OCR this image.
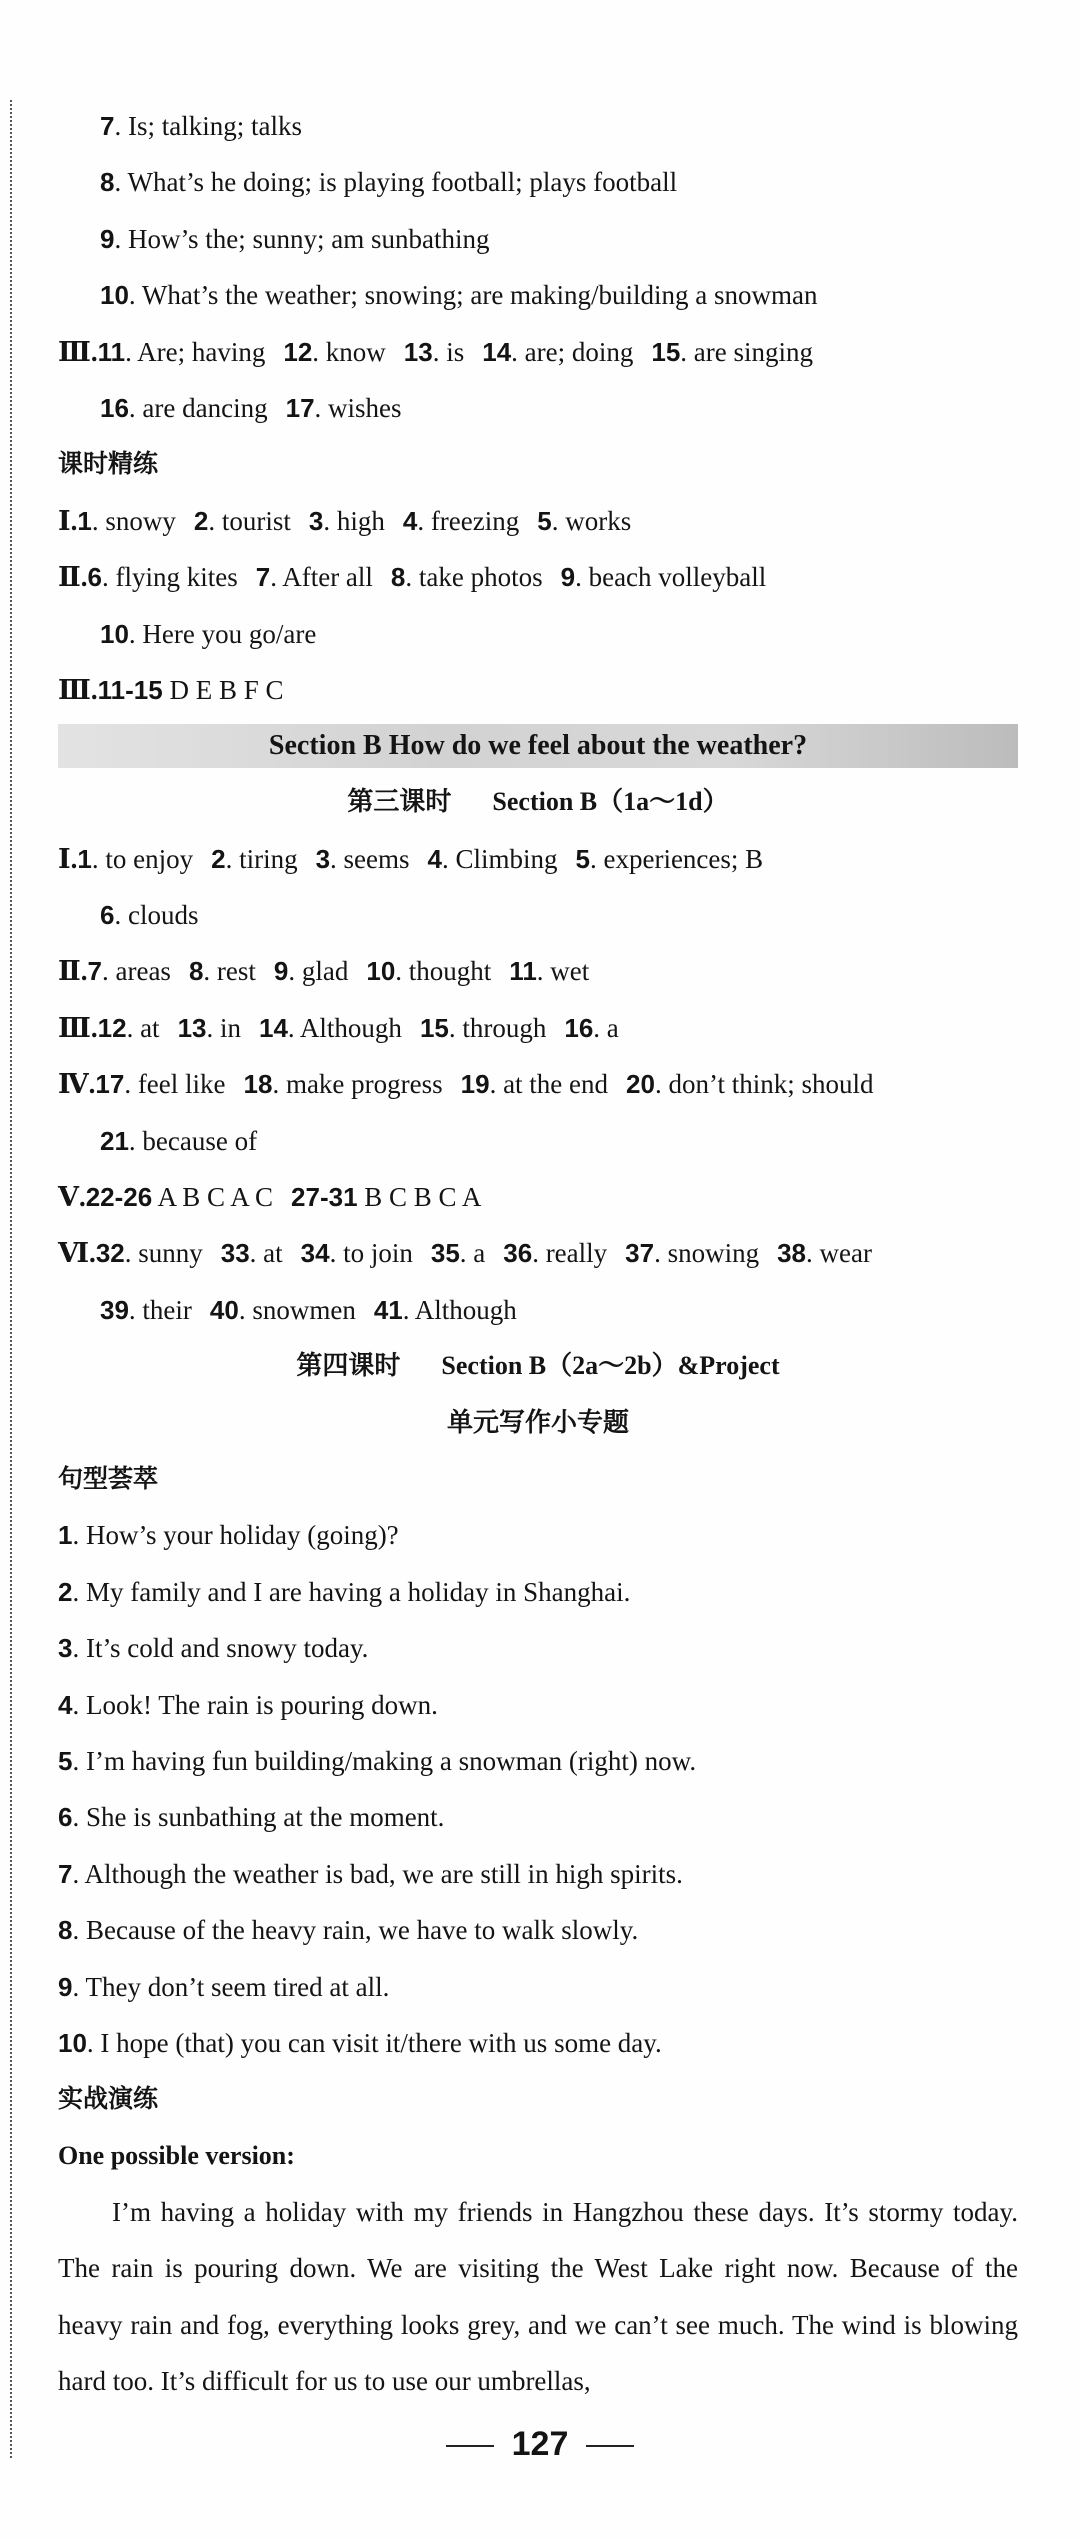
7. Is; talking; talks
8. What’s he doing; is playing football; plays football
9. How’s the; sunny; am sunbathing
10. What’s the weather; snowing; are making/building a snowman
Ⅲ.11. Are; having 12. know 13. is 14. are; doing 15. are singing
16. are dancing 17. wishes
课时精练
Ⅰ.1. snowy 2. tourist 3. high 4. freezing 5. works
Ⅱ.6. flying kites 7. After all 8. take photos 9. beach volleyball
10. Here you go/are
Ⅲ.11-15 D E B F C
Section B How do we feel about the weather?
第三课时 Section B（1a～1d）
Ⅰ.1. to enjoy 2. tiring 3. seems 4. Climbing 5. experiences; B
6. clouds
Ⅱ.7. areas 8. rest 9. glad 10. thought 11. wet
Ⅲ.12. at 13. in 14. Although 15. through 16. a
Ⅳ.17. feel like 18. make progress 19. at the end 20. don’t think; should
21. because of
Ⅴ.22-26 A B C A C 27-31 B C B C A
Ⅵ.32. sunny 33. at 34. to join 35. a 36. really 37. snowing 38. wear
39. their 40. snowmen 41. Although
第四课时 Section B（2a～2b）&Project
单元写作小专题
句型荟萃
1. How’s your holiday (going)?
2. My family and I are having a holiday in Shanghai.
3. It’s cold and snowy today.
4. Look! The rain is pouring down.
5. I’m having fun building/making a snowman (right) now.
6. She is sunbathing at the moment.
7. Although the weather is bad, we are still in high spirits.
8. Because of the heavy rain, we have to walk slowly.
9. They don’t seem tired at all.
10. I hope (that) you can visit it/there with us some day.
实战演练
One possible version:

I’m having a holiday with my friends in Hangzhou these days. It’s stormy today. The rain is pouring down. We are visiting the West Lake right now. Because of the heavy rain and fog, everything looks grey, and we can’t see much. The wind is blowing hard too. It’s difficult for us to use our umbrellas,

127
